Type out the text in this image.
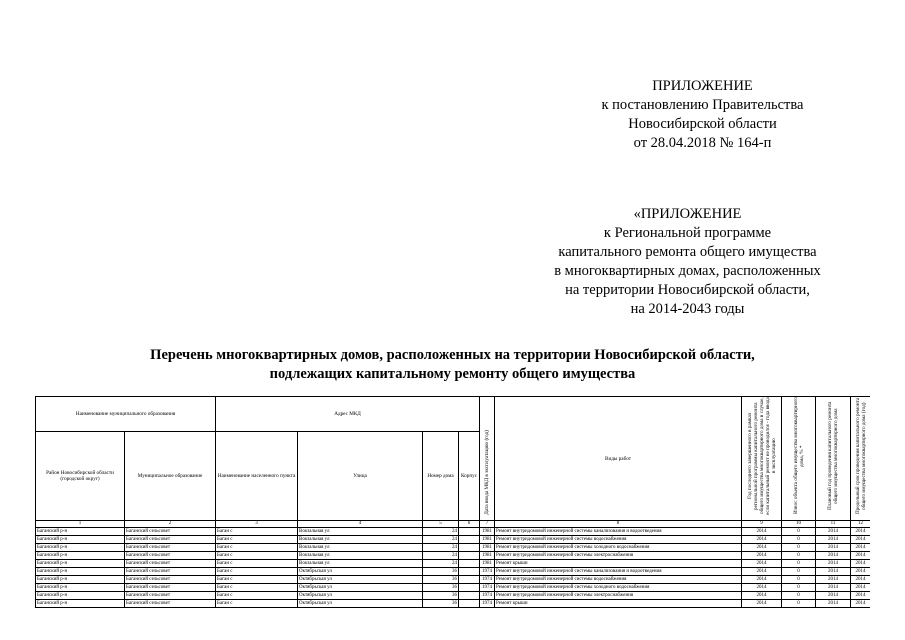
ПРИЛОЖЕНИЕ
к постановлению Правительства
Новосибирской области
от 28.04.2018 № 164-п
«ПРИЛОЖЕНИЕ
к Региональной программе
капитального ремонта общего имущества
в многоквартирных домах, расположенных
на территории Новосибирской области,
на 2014-2043 годы
Перечень многоквартирных домов, расположенных на территории Новосибирской области,
подлежащих капитальному ремонту общего имущества
Наименование муниципального образования		Адрес МКД				Дата ввода МКД в эксплуатацию (год)	Виды работ	Год последнего завершенного в рамках региональной программы капитального ремонта общего имущества многоквартирного дома в случае, если капитальный ремонт не проводился - года ввода в эксплуатацию	Износ объекта общего имущества многоквартирного дома, % *	Плановый год проведения капитального ремонта общего имущества многоквартирного дома	Предельный срок проведения капитального ремонта общего имущества многоквартирного дома (год)
Район Новосибирской области (городской округ)	Муниципальное образование	Наименование населенного пункта	Улица	Номер дома	Корпус						
1	2	3	4	5	6	7	8	9	10	11	12
Баганский р-н	Баганский сельсовет	Баган с	Вокзальная ул	24		1981	Ремонт внутридомовой инженерной системы канализования и водоотведения	2014	0	2014	2014
Баганский р-н	Баганский сельсовет	Баган с	Вокзальная ул	24		1981	Ремонт внутридомовой инженерной системы водоснабжения	2014	0	2014	2014
Баганский р-н	Баганский сельсовет	Баган с	Вокзальная ул	24		1981	Ремонт внутридомовой инженерной системы холодного водоснабжения	2014	0	2014	2014
Баганский р-н	Баганский сельсовет	Баган с	Вокзальная ул	24		1981	Ремонт внутридомовой инженерной системы электроснабжения	2014	0	2014	2014
Баганский р-н	Баганский сельсовет	Баган с	Вокзальная ул	24		1981	Ремонт крыши	2014	0	2014	2014
Баганский р-н	Баганский сельсовет	Баган с	Октябрьская ул	36		1974	Ремонт внутридомовой инженерной системы канализования и водоотведения	2014	0	2014	2014
Баганский р-н	Баганский сельсовет	Баган с	Октябрьская ул	36		1974	Ремонт внутридомовой инженерной системы водоснабжения	2014	0	2014	2014
Баганский р-н	Баганский сельсовет	Баган с	Октябрьская ул	36		1974	Ремонт внутридомовой инженерной системы холодного водоснабжения	2014	0	2014	2014
Баганский р-н	Баганский сельсовет	Баган с	Октябрьская ул	36		1974	Ремонт внутридомовой инженерной системы электроснабжения	2014	0	2014	2014
Баганский р-н	Баганский сельсовет	Баган с	Октябрьская ул	36		1974	Ремонт крыши	2014	0	2014	2014
